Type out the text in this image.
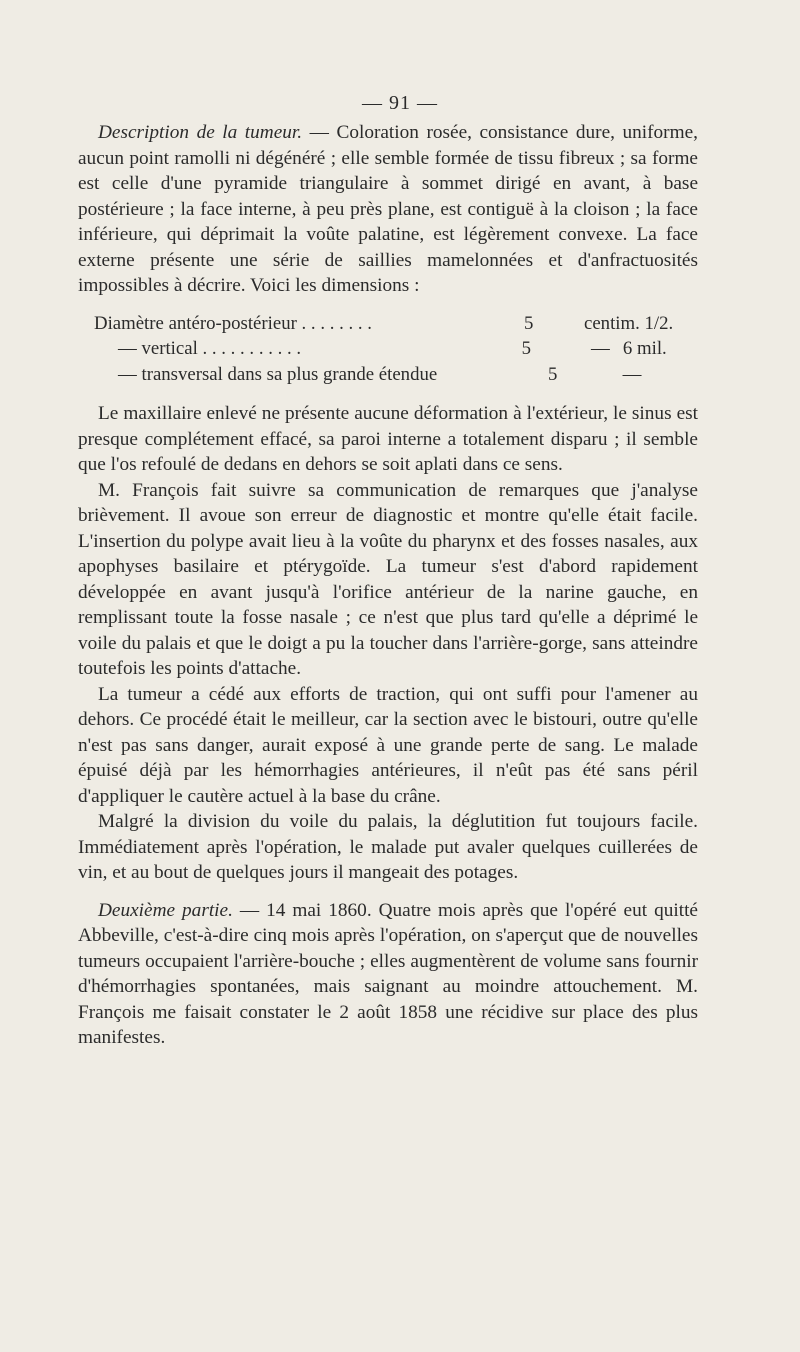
— 91 —

Description de la tumeur. — Coloration rosée, consistance dure, uniforme, aucun point ramolli ni dégénéré ; elle semble formée de tissu fibreux ; sa forme est celle d'une pyramide triangulaire à sommet dirigé en avant, à base postérieure ; la face interne, à peu près plane, est contiguë à la cloison ; la face inférieure, qui déprimait la voûte palatine, est légèrement convexe. La face externe présente une série de saillies mamelonnées et d'anfractuosités impossibles à décrire. Voici les dimensions :

Diamètre antéro-postérieur . . . . . . . .	5	centim. 1/2.
— vertical . . . . . . . . . . .	5	— 6 mil.
— transversal dans sa plus grande étendue	5	—

Le maxillaire enlevé ne présente aucune déformation à l'extérieur, le sinus est presque complétement effacé, sa paroi interne a totalement disparu ; il semble que l'os refoulé de dedans en dehors se soit aplati dans ce sens.

M. François fait suivre sa communication de remarques que j'analyse brièvement. Il avoue son erreur de diagnostic et montre qu'elle était facile. L'insertion du polype avait lieu à la voûte du pharynx et des fosses nasales, aux apophyses basilaire et ptérygoïde. La tumeur s'est d'abord rapidement développée en avant jusqu'à l'orifice antérieur de la narine gauche, en remplissant toute la fosse nasale ; ce n'est que plus tard qu'elle a déprimé le voile du palais et que le doigt a pu la toucher dans l'arrière-gorge, sans atteindre toutefois les points d'attache.

La tumeur a cédé aux efforts de traction, qui ont suffi pour l'amener au dehors. Ce procédé était le meilleur, car la section avec le bistouri, outre qu'elle n'est pas sans danger, aurait exposé à une grande perte de sang. Le malade épuisé déjà par les hémorrhagies antérieures, il n'eût pas été sans péril d'appliquer le cautère actuel à la base du crâne.

Malgré la division du voile du palais, la déglutition fut toujours facile. Immédiatement après l'opération, le malade put avaler quelques cuillerées de vin, et au bout de quelques jours il mangeait des potages.

Deuxième partie. — 14 mai 1860. Quatre mois après que l'opéré eut quitté Abbeville, c'est-à-dire cinq mois après l'opération, on s'aperçut que de nouvelles tumeurs occupaient l'arrière-bouche ; elles augmentèrent de volume sans fournir d'hémorrhagies spontanées, mais saignant au moindre attouchement. M. François me faisait constater le 2 août 1858 une récidive sur place des plus manifestes.
